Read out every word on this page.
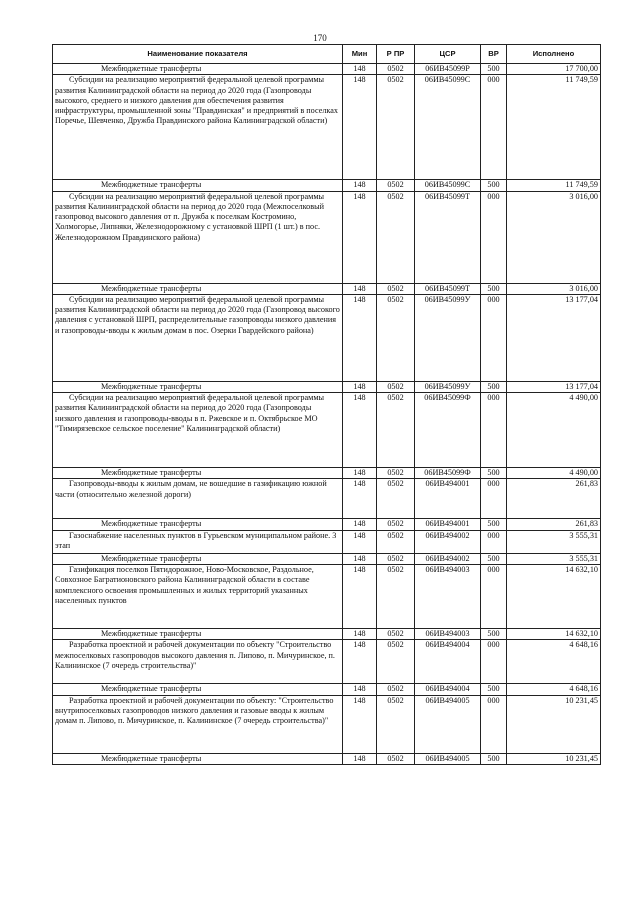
170
Наименование показателя	Мин	Р ПР	ЦСР	ВР	Исполнено
Межбюджетные трансферты	148	0502	06ИВ45099Р	500	17 700,00
Субсидии на реализацию мероприятий федеральной целевой программы развития Калининградской области на период до 2020 года (Газопроводы высокого, среднего и низкого давления для обеспечения развития инфраструктуры, промышленной зоны "Правдинская" и предприятий в поселках Поречье, Шевченко, Дружба Правдинского района Калининградской области)	148	0502	06ИВ45099С	000	11 749,59
Межбюджетные трансферты	148	0502	06ИВ45099С	500	11 749,59
Субсидии на реализацию мероприятий федеральной целевой программы развития Калининградской области на период до 2020 года (Межпоселковый газопровод высокого давления от п. Дружба к поселкам Костромино, Холмогорье, Липняки, Железнодорожному с установкой ШРП (1 шт.) в пос. Железнодорожном Правдинского района)	148	0502	06ИВ45099Т	000	3 016,00
Межбюджетные трансферты	148	0502	06ИВ45099Т	500	3 016,00
Субсидии на реализацию мероприятий федеральной целевой программы развития Калининградской области на период до 2020 года (Газопровод высокого давления с установкой ШРП, распределительные газопроводы низкого давления и газопроводы-вводы к жилым домам в пос. Озерки Гвардейского района)	148	0502	06ИВ45099У	000	13 177,04
Межбюджетные трансферты	148	0502	06ИВ45099У	500	13 177,04
Субсидии на реализацию мероприятий федеральной целевой программы развития Калининградской области на период до 2020 года (Газопроводы низкого давления и газопроводы-вводы в п. Ржевское и п. Октябрьское МО "Тимирязевское сельское поселение" Калининградской области)	148	0502	06ИВ45099Ф	000	4 490,00
Межбюджетные трансферты	148	0502	06ИВ45099Ф	500	4 490,00
Газопроводы-вводы к жилым домам, не вошедшие в газификацию южной части (относительно железной дороги)	148	0502	06ИВ494001	000	261,83
Межбюджетные трансферты	148	0502	06ИВ494001	500	261,83
Газоснабжение населенных пунктов в Гурьевском муниципальном районе. 3 этап	148	0502	06ИВ494002	000	3 555,31
Межбюджетные трансферты	148	0502	06ИВ494002	500	3 555,31
Газификация поселков Пятидорожное, Ново-Московское, Раздольное, Совхозное Багратионовского района Калининградской области в составе комплексного освоения промышленных и жилых территорий указанных населенных пунктов	148	0502	06ИВ494003	000	14 632,10
Межбюджетные трансферты	148	0502	06ИВ494003	500	14 632,10
Разработка проектной и рабочей документации по объекту "Строительство межпоселковых газопроводов высокого давления п. Липово, п. Мичуринское, п. Калининское (7 очередь строительства)"	148	0502	06ИВ494004	000	4 648,16
Межбюджетные трансферты	148	0502	06ИВ494004	500	4 648,16
Разработка проектной и рабочей документации по объекту: "Строительство внутрипоселковых газопроводов низкого давления и газовые вводы к жилым домам п. Липово, п. Мичуринское, п. Калининское (7 очередь строительства)"	148	0502	06ИВ494005	000	10 231,45
Межбюджетные трансферты	148	0502	06ИВ494005	500	10 231,45
